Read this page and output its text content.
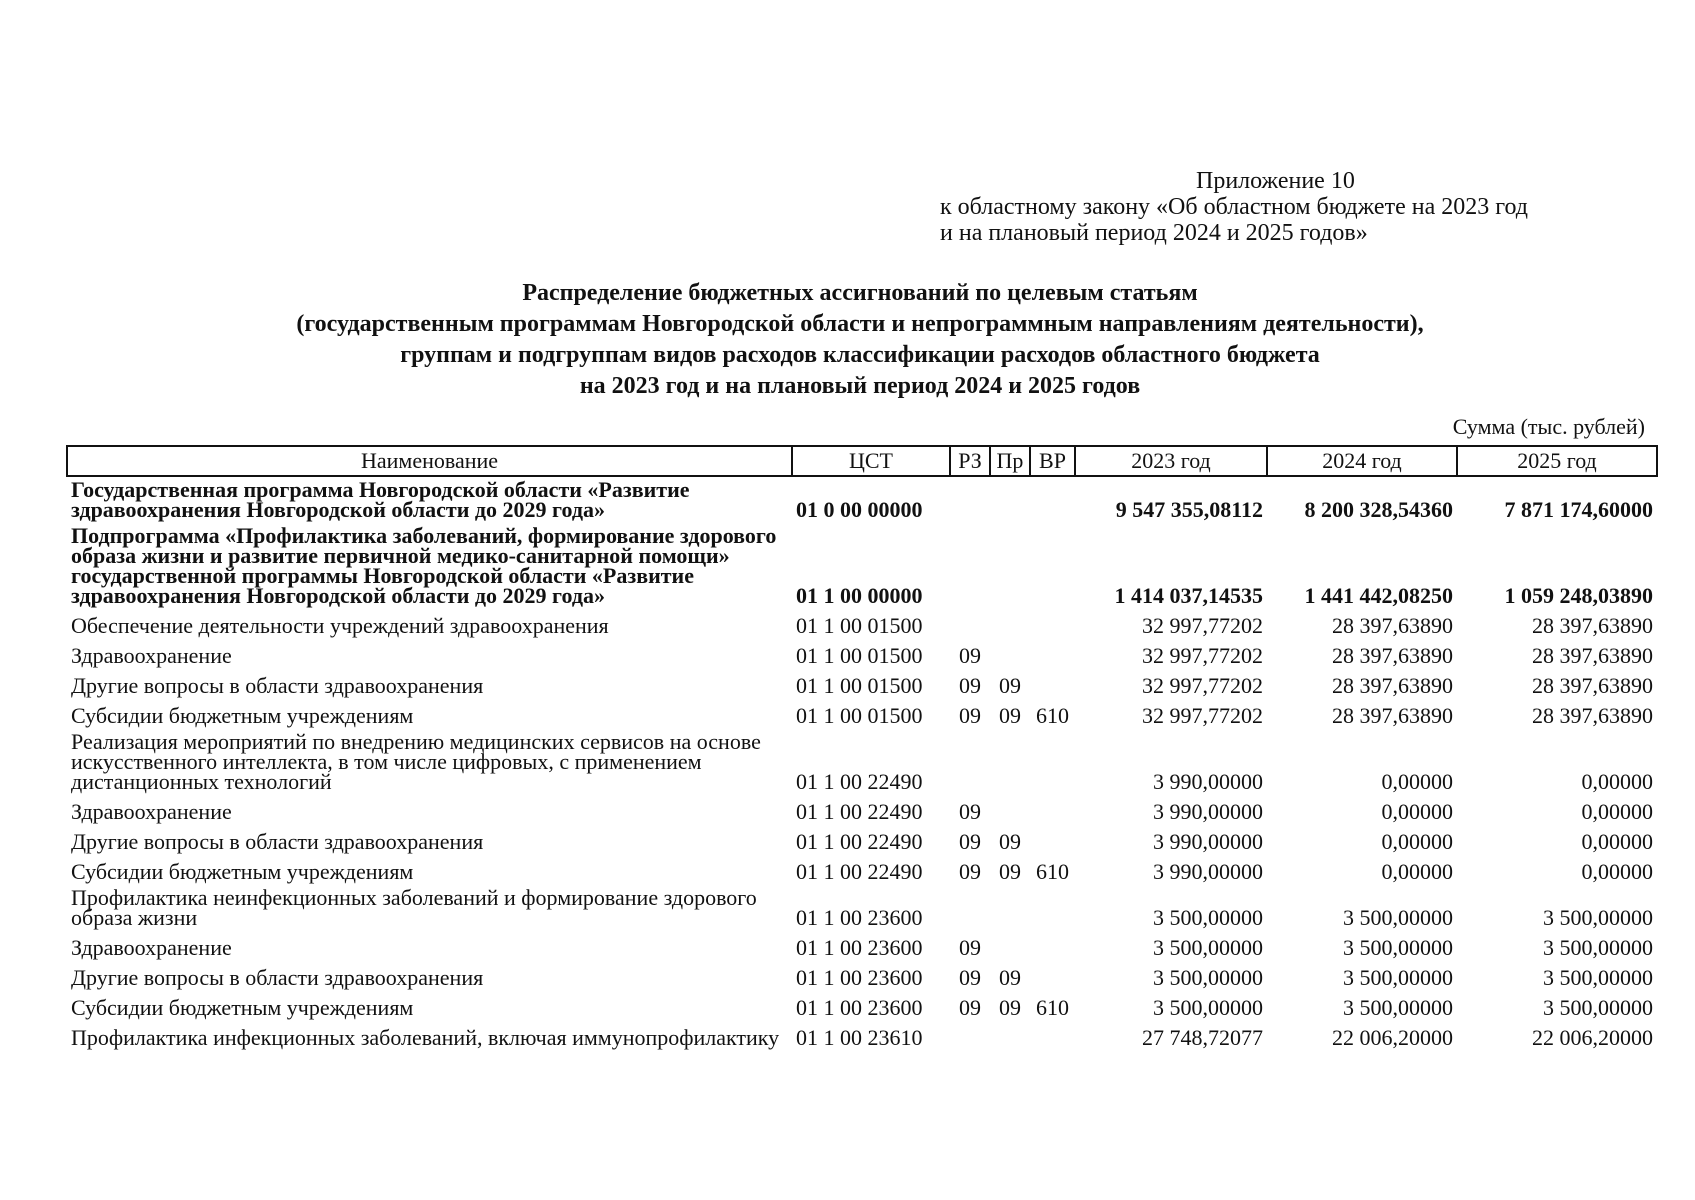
Приложение 10
к областному закону «Об областном бюджете на 2023 год
и на плановый период 2024 и 2025 годов»
Распределение бюджетных ассигнований по целевым статьям
(государственным программам Новгородской области и непрограммным направлениям деятельности),
группам и подгруппам видов расходов классификации расходов областного бюджета
на 2023 год и на плановый период 2024 и 2025 годов
Сумма (тыс. рублей)
Наименование	ЦСТ	РЗ	Пр	ВР	2023 год	2024 год	2025 год
Государственная программа Новгородской области «Развитие здравоохранения Новгородской области до 2029 года»	01 0 00 00000				9 547 355,08112	8 200 328,54360	7 871 174,60000
Подпрограмма «Профилактика заболеваний, формирование здорового образа жизни и развитие первичной медико-санитарной помощи» государственной программы Новгородской области «Развитие здравоохранения Новгородской области до 2029 года»	01 1 00 00000				1 414 037,14535	1 441 442,08250	1 059 248,03890
Обеспечение деятельности учреждений здравоохранения	01 1 00 01500				32 997,77202	28 397,63890	28 397,63890
Здравоохранение	01 1 00 01500	09			32 997,77202	28 397,63890	28 397,63890
Другие вопросы в области здравоохранения	01 1 00 01500	09	09		32 997,77202	28 397,63890	28 397,63890
Субсидии бюджетным учреждениям	01 1 00 01500	09	09	610	32 997,77202	28 397,63890	28 397,63890
Реализация мероприятий по внедрению медицинских сервисов на основе искусственного интеллекта, в том числе цифровых, с применением дистанционных технологий	01 1 00 22490				3 990,00000	0,00000	0,00000
Здравоохранение	01 1 00 22490	09			3 990,00000	0,00000	0,00000
Другие вопросы в области здравоохранения	01 1 00 22490	09	09		3 990,00000	0,00000	0,00000
Субсидии бюджетным учреждениям	01 1 00 22490	09	09	610	3 990,00000	0,00000	0,00000
Профилактика неинфекционных заболеваний и формирование здорового образа жизни	01 1 00 23600				3 500,00000	3 500,00000	3 500,00000
Здравоохранение	01 1 00 23600	09			3 500,00000	3 500,00000	3 500,00000
Другие вопросы в области здравоохранения	01 1 00 23600	09	09		3 500,00000	3 500,00000	3 500,00000
Субсидии бюджетным учреждениям	01 1 00 23600	09	09	610	3 500,00000	3 500,00000	3 500,00000
Профилактика инфекционных заболеваний, включая иммунопрофилактику	01 1 00 23610				27 748,72077	22 006,20000	22 006,20000
